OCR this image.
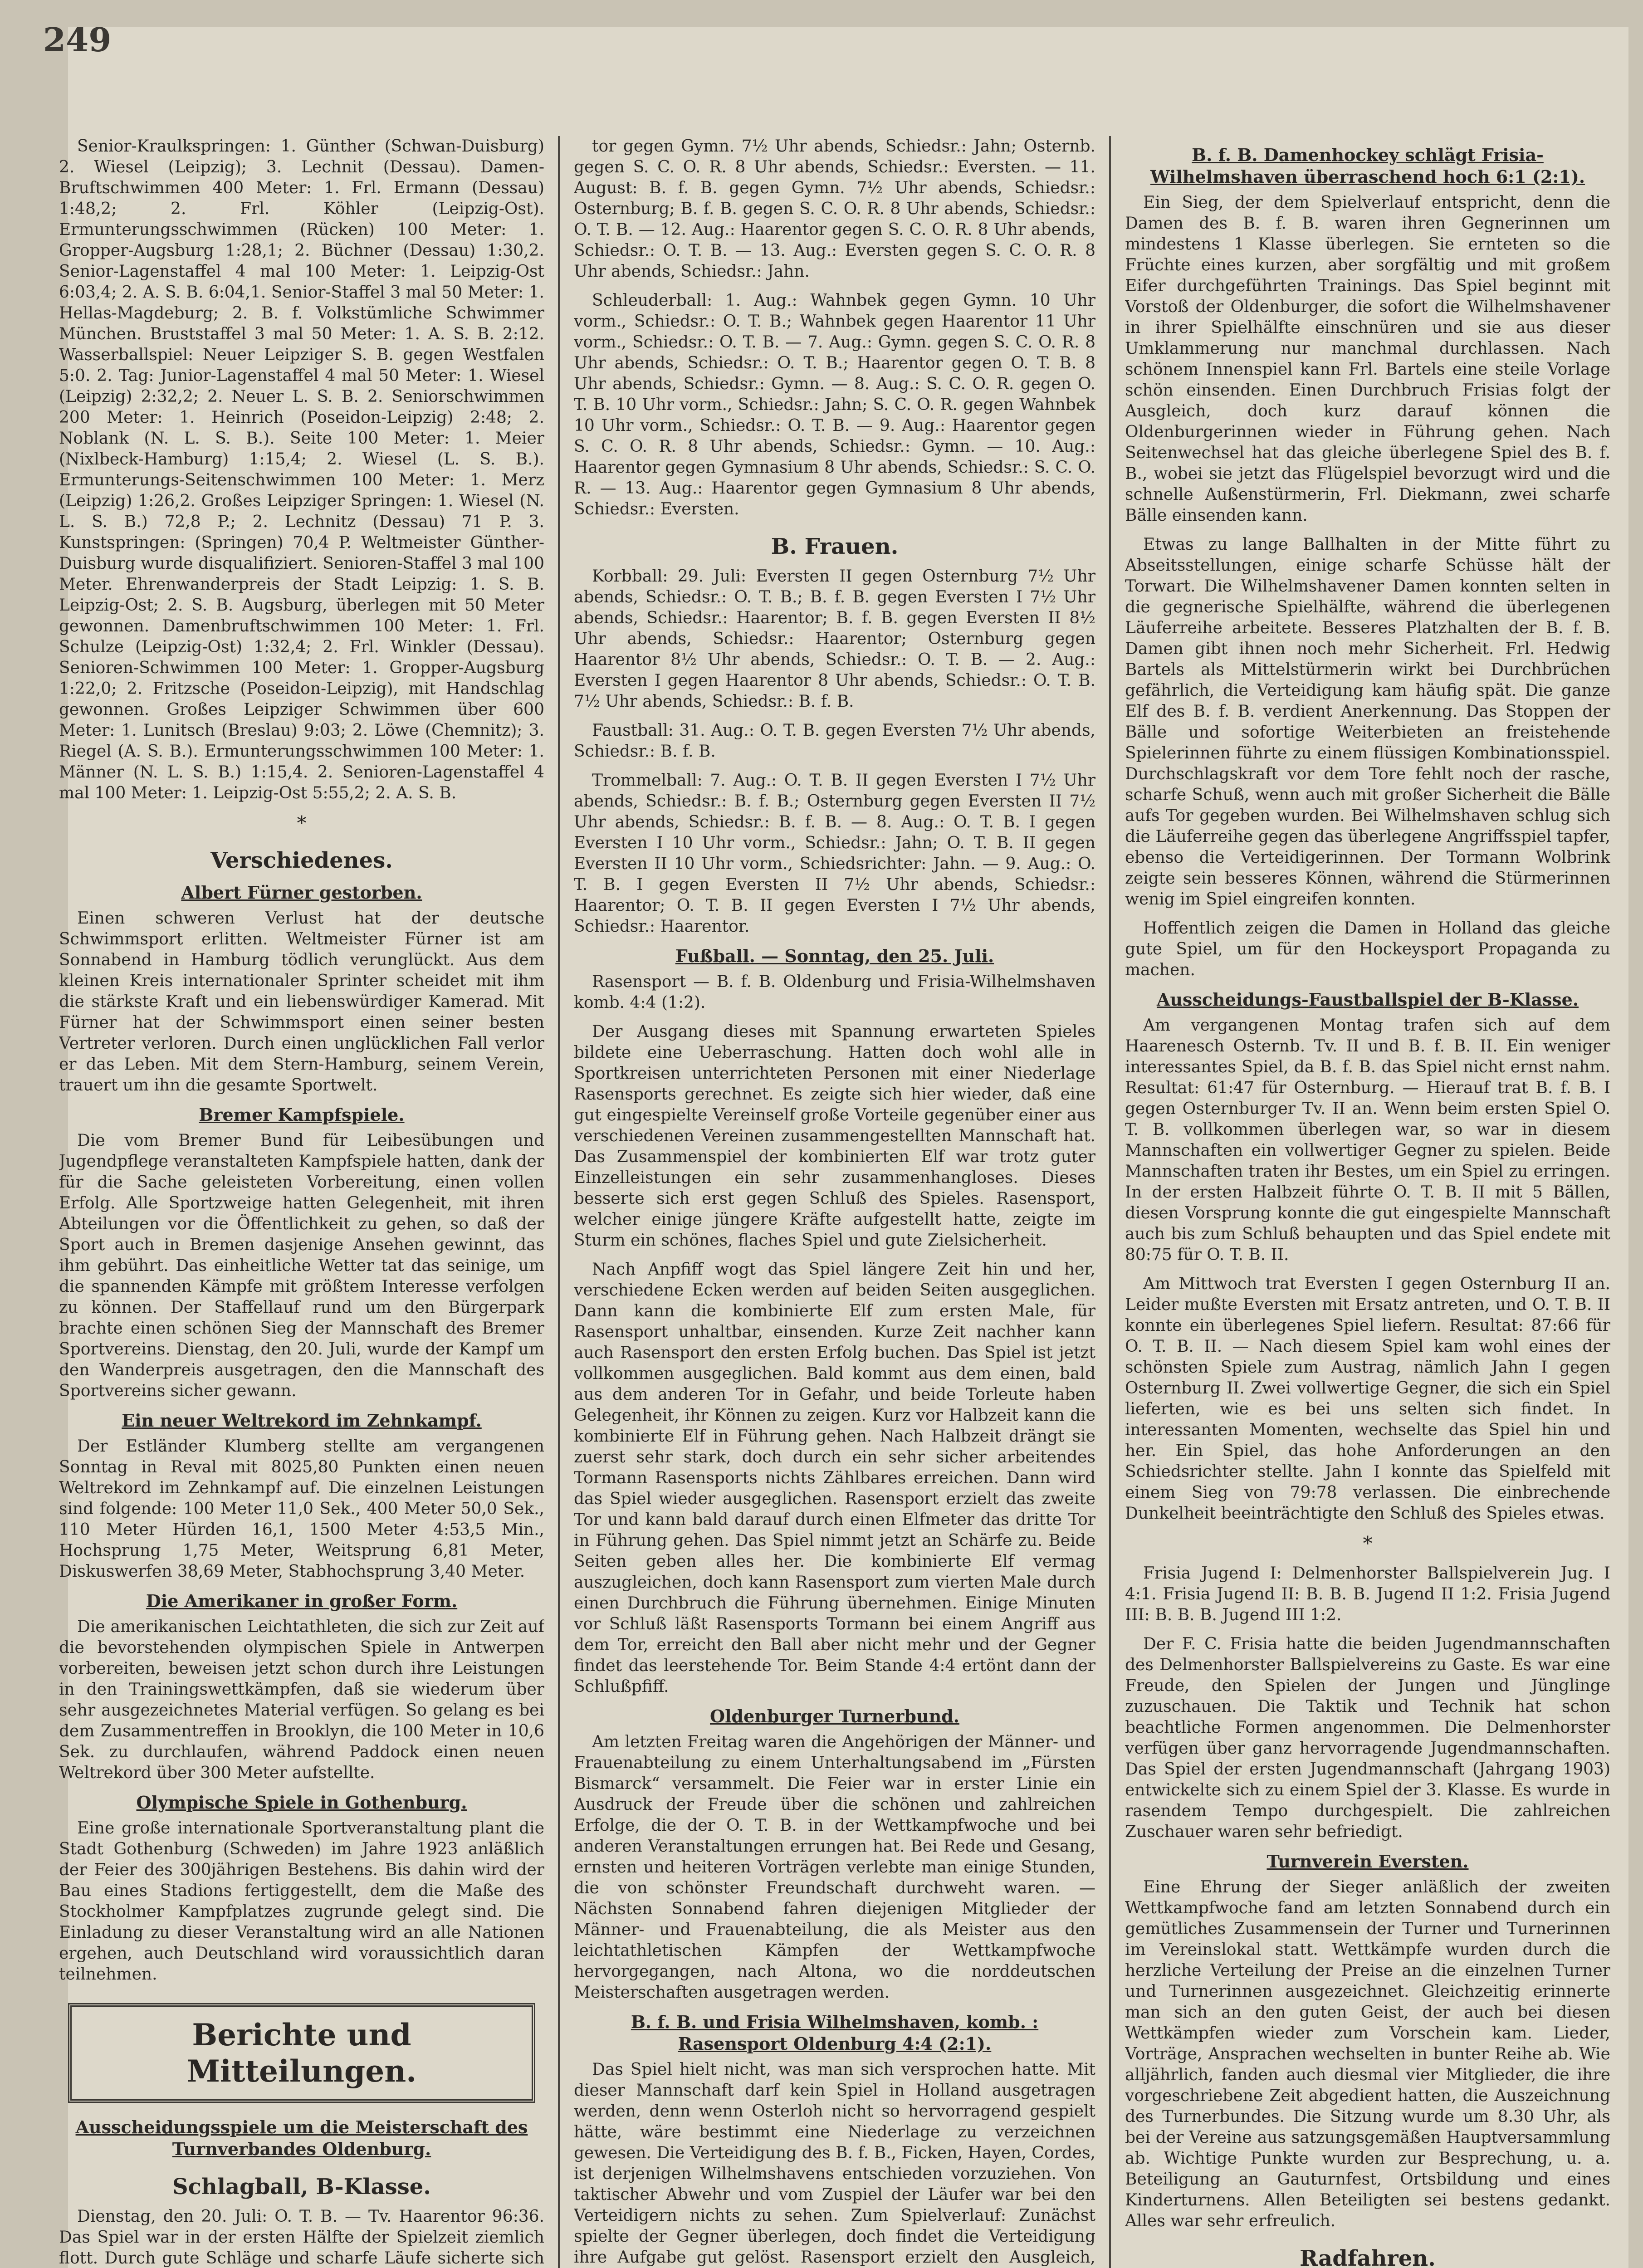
249

Senior-Kraulkspringen: 1. Günther (Schwan-Duisburg) 2. Wiesel (Leipzig); 3. Lechnit (Dessau). Damen-Bruftschwimmen 400 Meter: 1. Frl. Ermann (Dessau) 1:48,2; 2. Frl. Köhler (Leipzig-Ost). Ermunterungsschwimmen (Rücken) 100 Meter: 1. Gropper-Augsburg 1:28,1; 2. Büchner (Dessau) 1:30,2. Senior-Lagenstaffel 4 mal 100 Meter: 1. Leipzig-Ost 6:03,4; 2. A. S. B. 6:04,1. Senior-Staffel 3 mal 50 Meter: 1. Hellas-Magdeburg; 2. B. f. Volkstümliche Schwimmer München. Bruststaffel 3 mal 50 Meter: 1. A. S. B. 2:12. Wasserballspiel: Neuer Leipziger S. B. gegen Westfalen 5:0. 2. Tag: Junior-Lagenstaffel 4 mal 50 Meter: 1. Wiesel (Leipzig) 2:32,2; 2. Neuer L. S. B. 2. Seniorschwimmen 200 Meter: 1. Heinrich (Poseidon-Leipzig) 2:48; 2. Noblank (N. L. S. B.). Seite 100 Meter: 1. Meier (Nixlbeck-Hamburg) 1:15,4; 2. Wiesel (L. S. B.). Ermunterungs-Seitenschwimmen 100 Meter: 1. Merz (Leipzig) 1:26,2. Großes Leipziger Springen: 1. Wiesel (N. L. S. B.) 72,8 P.; 2. Lechnitz (Dessau) 71 P. 3. Kunstspringen: (Springen) 70,4 P. Weltmeister Günther-Duisburg wurde disqualifiziert. Senioren-Staffel 3 mal 100 Meter. Ehrenwanderpreis der Stadt Leipzig: 1. S. B. Leipzig-Ost; 2. S. B. Augsburg, überlegen mit 50 Meter gewonnen. Damenbruftschwimmen 100 Meter: 1. Frl. Schulze (Leipzig-Ost) 1:32,4; 2. Frl. Winkler (Dessau). Senioren-Schwimmen 100 Meter: 1. Gropper-Augsburg 1:22,0; 2. Fritzsche (Poseidon-Leipzig), mit Handschlag gewonnen. Großes Leipziger Schwimmen über 600 Meter: 1. Lunitsch (Breslau) 9:03; 2. Löwe (Chemnitz); 3. Riegel (A. S. B.). Ermunterungsschwimmen 100 Meter: 1. Männer (N. L. S. B.) 1:15,4. 2. Senioren-Lagenstaffel 4 mal 100 Meter: 1. Leipzig-Ost 5:55,2; 2. A. S. B.

*
Verschiedenes.
Albert Fürner gestorben.

Einen schweren Verlust hat der deutsche Schwimmsport erlitten. Weltmeister Fürner ist am Sonnabend in Hamburg tödlich verunglückt. Aus dem kleinen Kreis internationaler Sprinter scheidet mit ihm die stärkste Kraft und ein liebenswürdiger Kamerad. Mit Fürner hat der Schwimmsport einen seiner besten Vertreter verloren. Durch einen unglücklichen Fall verlor er das Leben. Mit dem Stern-Hamburg, seinem Verein, trauert um ihn die gesamte Sportwelt.

Bremer Kampfspiele.

Die vom Bremer Bund für Leibesübungen und Jugendpflege veranstalteten Kampfspiele hatten, dank der für die Sache geleisteten Vorbereitung, einen vollen Erfolg. Alle Sportzweige hatten Gelegenheit, mit ihren Abteilungen vor die Öffentlichkeit zu gehen, so daß der Sport auch in Bremen dasjenige Ansehen gewinnt, das ihm gebührt. Das einheitliche Wetter tat das seinige, um die spannenden Kämpfe mit größtem Interesse verfolgen zu können. Der Staffellauf rund um den Bürgerpark brachte einen schönen Sieg der Mannschaft des Bremer Sportvereins. Dienstag, den 20. Juli, wurde der Kampf um den Wanderpreis ausgetragen, den die Mannschaft des Sportvereins sicher gewann.

Ein neuer Weltrekord im Zehnkampf.

Der Estländer Klumberg stellte am vergangenen Sonntag in Reval mit 8025,80 Punkten einen neuen Weltrekord im Zehnkampf auf. Die einzelnen Leistungen sind folgende: 100 Meter 11,0 Sek., 400 Meter 50,0 Sek., 110 Meter Hürden 16,1, 1500 Meter 4:53,5 Min., Hochsprung 1,75 Meter, Weitsprung 6,81 Meter, Diskuswerfen 38,69 Meter, Stabhochsprung 3,40 Meter.

Die Amerikaner in großer Form.

Die amerikanischen Leichtathleten, die sich zur Zeit auf die bevorstehenden olympischen Spiele in Antwerpen vorbereiten, beweisen jetzt schon durch ihre Leistungen in den Trainingswettkämpfen, daß sie wiederum über sehr ausgezeichnetes Material verfügen. So gelang es bei dem Zusammentreffen in Brooklyn, die 100 Meter in 10,6 Sek. zu durchlaufen, während Paddock einen neuen Weltrekord über 300 Meter aufstellte.

Olympische Spiele in Gothenburg.

Eine große internationale Sportveranstaltung plant die Stadt Gothenburg (Schweden) im Jahre 1923 anläßlich der Feier des 300jährigen Bestehens. Bis dahin wird der Bau eines Stadions fertiggestellt, dem die Maße des Stockholmer Kampfplatzes zugrunde gelegt sind. Die Einladung zu dieser Veranstaltung wird an alle Nationen ergehen, auch Deutschland wird voraussichtlich daran teilnehmen.

Berichte und Mitteilungen.
Ausscheidungsspiele um die Meisterschaft des Turnverbandes Oldenburg.
Schlagball, B-Klasse.

Dienstag, den 20. Juli: O. T. B. — Tv. Haarentor 96:36. Das Spiel war in der ersten Hälfte der Spielzeit ziemlich flott. Durch gute Schläge und scharfe Läufe sicherte sich

tor gegen Gymn. 7½ Uhr abends, Schiedsr.: Jahn; Osternb. gegen S. C. O. R. 8 Uhr abends, Schiedsr.: Eversten. — 11. August: B. f. B. gegen Gymn. 7½ Uhr abends, Schiedsr.: Osternburg; B. f. B. gegen S. C. O. R. 8 Uhr abends, Schiedsr.: O. T. B. — 12. Aug.: Haarentor gegen S. C. O. R. 8 Uhr abends, Schiedsr.: O. T. B. — 13. Aug.: Eversten gegen S. C. O. R. 8 Uhr abends, Schiedsr.: Jahn.

Schleuderball: 1. Aug.: Wahnbek gegen Gymn. 10 Uhr vorm., Schiedsr.: O. T. B.; Wahnbek gegen Haarentor 11 Uhr vorm., Schiedsr.: O. T. B. — 7. Aug.: Gymn. gegen S. C. O. R. 8 Uhr abends, Schiedsr.: O. T. B.; Haarentor gegen O. T. B. 8 Uhr abends, Schiedsr.: Gymn. — 8. Aug.: S. C. O. R. gegen O. T. B. 10 Uhr vorm., Schiedsr.: Jahn; S. C. O. R. gegen Wahnbek 10 Uhr vorm., Schiedsr.: O. T. B. — 9. Aug.: Haarentor gegen S. C. O. R. 8 Uhr abends, Schiedsr.: Gymn. — 10. Aug.: Haarentor gegen Gymnasium 8 Uhr abends, Schiedsr.: S. C. O. R. — 13. Aug.: Haarentor gegen Gymnasium 8 Uhr abends, Schiedsr.: Eversten.

B. Frauen.

Korbball: 29. Juli: Eversten II gegen Osternburg 7½ Uhr abends, Schiedsr.: O. T. B.; B. f. B. gegen Eversten I 7½ Uhr abends, Schiedsr.: Haarentor; B. f. B. gegen Eversten II 8½ Uhr abends, Schiedsr.: Haarentor; Osternburg gegen Haarentor 8½ Uhr abends, Schiedsr.: O. T. B. — 2. Aug.: Eversten I gegen Haarentor 8 Uhr abends, Schiedsr.: O. T. B. 7½ Uhr abends, Schiedsr.: B. f. B.

Faustball: 31. Aug.: O. T. B. gegen Eversten 7½ Uhr abends, Schiedsr.: B. f. B.

Trommelball: 7. Aug.: O. T. B. II gegen Eversten I 7½ Uhr abends, Schiedsr.: B. f. B.; Osternburg gegen Eversten II 7½ Uhr abends, Schiedsr.: B. f. B. — 8. Aug.: O. T. B. I gegen Eversten I 10 Uhr vorm., Schiedsr.: Jahn; O. T. B. II gegen Eversten II 10 Uhr vorm., Schiedsrichter: Jahn. — 9. Aug.: O. T. B. I gegen Eversten II 7½ Uhr abends, Schiedsr.: Haarentor; O. T. B. II gegen Eversten I 7½ Uhr abends, Schiedsr.: Haarentor.

Fußball. — Sonntag, den 25. Juli.

Rasensport — B. f. B. Oldenburg und Frisia-Wilhelmshaven komb. 4:4 (1:2).

Der Ausgang dieses mit Spannung erwarteten Spieles bildete eine Ueberraschung. Hatten doch wohl alle in Sportkreisen unterrichteten Personen mit einer Niederlage Rasensports gerechnet. Es zeigte sich hier wieder, daß eine gut eingespielte Vereinself große Vorteile gegenüber einer aus verschiedenen Vereinen zusammengestellten Mannschaft hat. Das Zusammenspiel der kombinierten Elf war trotz guter Einzelleistungen ein sehr zusammenhangloses. Dieses besserte sich erst gegen Schluß des Spieles. Rasensport, welcher einige jüngere Kräfte aufgestellt hatte, zeigte im Sturm ein schönes, flaches Spiel und gute Zielsicherheit.

Nach Anpfiff wogt das Spiel längere Zeit hin und her, verschiedene Ecken werden auf beiden Seiten ausgeglichen. Dann kann die kombinierte Elf zum ersten Male, für Rasensport unhaltbar, einsenden. Kurze Zeit nachher kann auch Rasensport den ersten Erfolg buchen. Das Spiel ist jetzt vollkommen ausgeglichen. Bald kommt aus dem einen, bald aus dem anderen Tor in Gefahr, und beide Torleute haben Gelegenheit, ihr Können zu zeigen. Kurz vor Halbzeit kann die kombinierte Elf in Führung gehen. Nach Halbzeit drängt sie zuerst sehr stark, doch durch ein sehr sicher arbeitendes Tormann Rasensports nichts Zählbares erreichen. Dann wird das Spiel wieder ausgeglichen. Rasensport erzielt das zweite Tor und kann bald darauf durch einen Elfmeter das dritte Tor in Führung gehen. Das Spiel nimmt jetzt an Schärfe zu. Beide Seiten geben alles her. Die kombinierte Elf vermag auszugleichen, doch kann Rasensport zum vierten Male durch einen Durchbruch die Führung übernehmen. Einige Minuten vor Schluß läßt Rasensports Tormann bei einem Angriff aus dem Tor, erreicht den Ball aber nicht mehr und der Gegner findet das leerstehende Tor. Beim Stande 4:4 ertönt dann der Schlußpfiff.

Oldenburger Turnerbund.

Am letzten Freitag waren die Angehörigen der Männer- und Frauenabteilung zu einem Unterhaltungsabend im „Fürsten Bismarck“ versammelt. Die Feier war in erster Linie ein Ausdruck der Freude über die schönen und zahlreichen Erfolge, die der O. T. B. in der Wettkampfwoche und bei anderen Veranstaltungen errungen hat. Bei Rede und Gesang, ernsten und heiteren Vorträgen verlebte man einige Stunden, die von schönster Freundschaft durchweht waren. — Nächsten Sonnabend fahren diejenigen Mitglieder der Männer- und Frauenabteilung, die als Meister aus den leichtathletischen Kämpfen der Wettkampfwoche hervorgegangen, nach Altona, wo die norddeutschen Meisterschaften ausgetragen werden.

B. f. B. und Frisia Wilhelmshaven, komb. : Rasensport Oldenburg 4:4 (2:1).

Das Spiel hielt nicht, was man sich versprochen hatte. Mit dieser Mannschaft darf kein Spiel in Holland ausgetragen werden, denn wenn Osterloh nicht so hervorragend gespielt hätte, wäre bestimmt eine Niederlage zu verzeichnen gewesen. Die Verteidigung des B. f. B., Ficken, Hayen, Cordes, ist derjenigen Wilhelmshavens entschieden vorzuziehen. Von taktischer Abwehr und vom Zuspiel der Läufer war bei den Verteidigern nichts zu sehen. Zum Spielverlauf: Zunächst spielte der Gegner überlegen, doch findet die Verteidigung ihre Aufgabe gut gelöst. Rasensport erzielt den Ausgleich,

B. f. B. Damenhockey schlägt Frisia-Wilhelmshaven überraschend hoch 6:1 (2:1).

Ein Sieg, der dem Spielverlauf entspricht, denn die Damen des B. f. B. waren ihren Gegnerinnen um mindestens 1 Klasse überlegen. Sie ernteten so die Früchte eines kurzen, aber sorgfältig und mit großem Eifer durchgeführten Trainings. Das Spiel beginnt mit Vorstoß der Oldenburger, die sofort die Wilhelmshavener in ihrer Spielhälfte einschnüren und sie aus dieser Umklammerung nur manchmal durchlassen. Nach schönem Innenspiel kann Frl. Bartels eine steile Vorlage schön einsenden. Einen Durchbruch Frisias folgt der Ausgleich, doch kurz darauf können die Oldenburgerinnen wieder in Führung gehen. Nach Seitenwechsel hat das gleiche überlegene Spiel des B. f. B., wobei sie jetzt das Flügelspiel bevorzugt wird und die schnelle Außenstürmerin, Frl. Diekmann, zwei scharfe Bälle einsenden kann.

Etwas zu lange Ballhalten in der Mitte führt zu Abseitsstellungen, einige scharfe Schüsse hält der Torwart. Die Wilhelmshavener Damen konnten selten in die gegnerische Spielhälfte, während die überlegenen Läuferreihe arbeitete. Besseres Platzhalten der B. f. B. Damen gibt ihnen noch mehr Sicherheit. Frl. Hedwig Bartels als Mittelstürmerin wirkt bei Durchbrüchen gefährlich, die Verteidigung kam häufig spät. Die ganze Elf des B. f. B. verdient Anerkennung. Das Stoppen der Bälle und sofortige Weiterbieten an freistehende Spielerinnen führte zu einem flüssigen Kombinationsspiel. Durchschlagskraft vor dem Tore fehlt noch der rasche, scharfe Schuß, wenn auch mit großer Sicherheit die Bälle aufs Tor gegeben wurden. Bei Wilhelmshaven schlug sich die Läuferreihe gegen das überlegene Angriffsspiel tapfer, ebenso die Verteidigerinnen. Der Tormann Wolbrink zeigte sein besseres Können, während die Stürmerinnen wenig im Spiel eingreifen konnten.

Hoffentlich zeigen die Damen in Holland das gleiche gute Spiel, um für den Hockeysport Propaganda zu machen.

Ausscheidungs-Faustballspiel der B-Klasse.

Am vergangenen Montag trafen sich auf dem Haarenesch Osternb. Tv. II und B. f. B. II. Ein weniger interessantes Spiel, da B. f. B. das Spiel nicht ernst nahm. Resultat: 61:47 für Osternburg. — Hierauf trat B. f. B. I gegen Osternburger Tv. II an. Wenn beim ersten Spiel O. T. B. vollkommen überlegen war, so war in diesem Mannschaften ein vollwertiger Gegner zu spielen. Beide Mannschaften traten ihr Bestes, um ein Spiel zu erringen. In der ersten Halbzeit führte O. T. B. II mit 5 Bällen, diesen Vorsprung konnte die gut eingespielte Mannschaft auch bis zum Schluß behaupten und das Spiel endete mit 80:75 für O. T. B. II.

Am Mittwoch trat Eversten I gegen Osternburg II an. Leider mußte Eversten mit Ersatz antreten, und O. T. B. II konnte ein überlegenes Spiel liefern. Resultat: 87:66 für O. T. B. II. — Nach diesem Spiel kam wohl eines der schönsten Spiele zum Austrag, nämlich Jahn I gegen Osternburg II. Zwei vollwertige Gegner, die sich ein Spiel lieferten, wie es bei uns selten sich findet. In interessanten Momenten, wechselte das Spiel hin und her. Ein Spiel, das hohe Anforderungen an den Schiedsrichter stellte. Jahn I konnte das Spielfeld mit einem Sieg von 79:78 verlassen. Die einbrechende Dunkelheit beeinträchtigte den Schluß des Spieles etwas.

*

Frisia Jugend I: Delmenhorster Ballspielverein Jug. I 4:1. Frisia Jugend II: B. B. B. Jugend II 1:2. Frisia Jugend III: B. B. B. Jugend III 1:2.

Der F. C. Frisia hatte die beiden Jugendmannschaften des Delmenhorster Ballspielvereins zu Gaste. Es war eine Freude, den Spielen der Jungen und Jünglinge zuzuschauen. Die Taktik und Technik hat schon beachtliche Formen angenommen. Die Delmenhorster verfügen über ganz hervorragende Jugendmannschaften. Das Spiel der ersten Jugendmannschaft (Jahrgang 1903) entwickelte sich zu einem Spiel der 3. Klasse. Es wurde in rasendem Tempo durchgespielt. Die zahlreichen Zuschauer waren sehr befriedigt.

Turnverein Eversten.

Eine Ehrung der Sieger anläßlich der zweiten Wettkampfwoche fand am letzten Sonnabend durch ein gemütliches Zusammensein der Turner und Turnerinnen im Vereinslokal statt. Wettkämpfe wurden durch die herzliche Verteilung der Preise an die einzelnen Turner und Turnerinnen ausgezeichnet. Gleichzeitig erinnerte man sich an den guten Geist, der auch bei diesen Wettkämpfen wieder zum Vorschein kam. Lieder, Vorträge, Ansprachen wechselten in bunter Reihe ab. Wie alljährlich, fanden auch diesmal vier Mitglieder, die ihre vorgeschriebene Zeit abgedient hatten, die Auszeichnung des Turnerbundes. Die Sitzung wurde um 8.30 Uhr, als bei der Vereine aus satzungsgemäßen Hauptversammlung ab. Wichtige Punkte wurden zur Besprechung, u. a. Beteiligung an Gauturnfest, Ortsbildung und eines Kinderturnens. Allen Beteiligten sei bestens gedankt. Alles war sehr erfreulich.

Radfahren.
